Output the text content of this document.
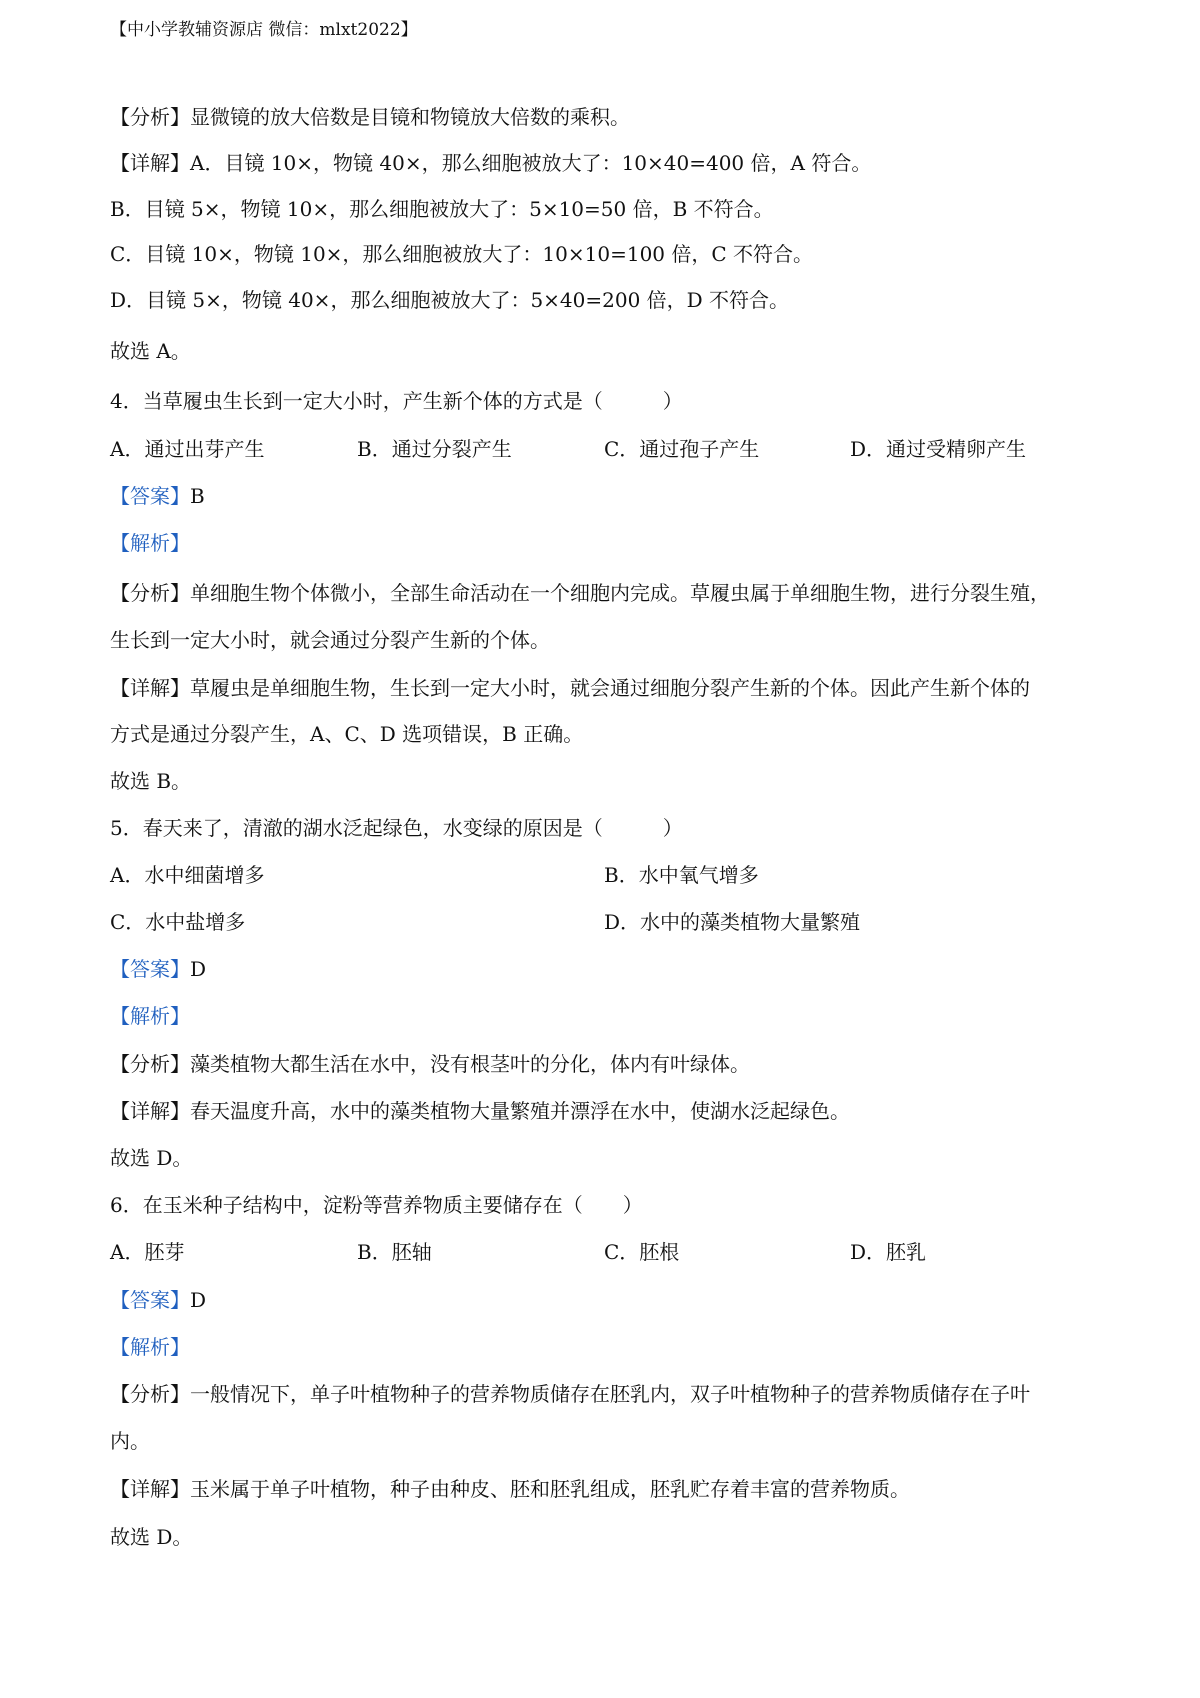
【中小学教辅资源店 微信：mlxt2022】
【分析】显微镜的放大倍数是目镜和物镜放大倍数的乘积。
【详解】A．目镜 10×，物镜 40×，那么细胞被放大了：10×40=400 倍，A 符合。
B．目镜 5×，物镜 10×，那么细胞被放大了：5×10=50 倍，B 不符合。
C．目镜 10×，物镜 10×，那么细胞被放大了：10×10=100 倍，C 不符合。
D．目镜 5×，物镜 40×，那么细胞被放大了：5×40=200 倍，D 不符合。
故选 A。
4．当草履虫生长到一定大小时，产生新个体的方式是（　　　）
A．通过出芽产生	B．通过分裂产生	C．通过孢子产生	D．通过受精卵产生
【答案】B
【解析】
【分析】单细胞生物个体微小，全部生命活动在一个细胞内完成。草履虫属于单细胞生物，进行分裂生殖，
生长到一定大小时，就会通过分裂产生新的个体。
【详解】草履虫是单细胞生物，生长到一定大小时，就会通过细胞分裂产生新的个体。因此产生新个体的
方式是通过分裂产生，A、C、D 选项错误，B 正确。
故选 B。
5．春天来了，清澈的湖水泛起绿色，水变绿的原因是（　　　）
A．水中细菌增多	B．水中氧气增多
C．水中盐增多	D．水中的藻类植物大量繁殖
【答案】D
【解析】
【分析】藻类植物大都生活在水中，没有根茎叶的分化，体内有叶绿体。
【详解】春天温度升高，水中的藻类植物大量繁殖并漂浮在水中，使湖水泛起绿色。
故选 D。
6．在玉米种子结构中，淀粉等营养物质主要储存在（　　）
A．胚芽	B．胚轴	C．胚根	D．胚乳
【答案】D
【解析】
【分析】一般情况下，单子叶植物种子的营养物质储存在胚乳内，双子叶植物种子的营养物质储存在子叶
内。
【详解】玉米属于单子叶植物，种子由种皮、胚和胚乳组成，胚乳贮存着丰富的营养物质。
故选 D。
